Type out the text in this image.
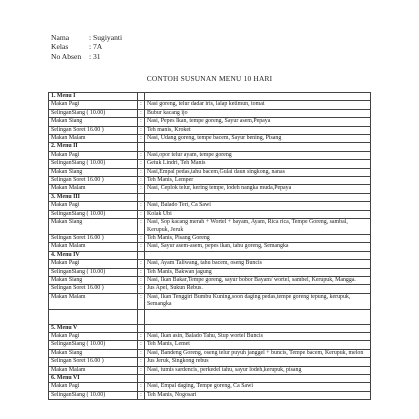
Nama	: Sugiyanti
Kelas	: 7A
No Absen	: 31
CONTOH SUSUNAN MENU 10 HARI
1. Menu I		
Makan Pagi	:	Nasi goreng, telur dadar iris, lalap ketimun, tomat
SelinganSiang ( 10.00)	:	Bubur kacang ijo
Makan Siang	:	Nasi, Pepes Ikan, tempe goreng, Sayur asem,Pepaya
Selingan Soret 16.00 )	:	Teh manis, Kroket
Makan Malam	:	Nasi, Udang goreng, tempe bacem, Sayur bening, Pisang
2. Menu II		
Makan Pagi	:	Nasi,opor telur ayam, tempe goreng
SelinganSiang ( 10.00)	:	Getuk Lindri, Teh Manis
Makan Siang	:	Nasi,Empal pedas,tahu bacem,Gulai daun singkong, nanas
Selingan Soret 16.00 )	:	Teh Manis, Lemper
Makan Malam	:	Nasi, Ceplok telur, kering tempe, lodeh nangka muda,Pepaya
3. Menu III		
Makan Pagi	:	Nasi, Balado Teri, Ca Sawi
SelinganSiang ( 10.00)	:	Kolak Ubi
Makan Siang	:	Nasi, Sop kacang merah + Wortel + bayam, Ayam, Rica rica, Tempe Goreng, sambal, Kerupuk, Jeruk
Selingan Soret 16.00 )	:	Teh Manis, Pisang Goreng
Makan Malam	:	Nasi, Sayur asem-asem, pepes ikan, tahu goreng, Semangka
4. Menu IV		
Makan Pagi	:	Nasi, Ayam Taliwang, tahu bacem, oseng Buncis
SelinganSiang ( 10.00)	:	Teh Manis, Bakwan jagung
Makan Siang	:	Nasi, Ikan Bakar,Tempe goreng, sayur bobor Bayam/ wortel, sambel, Kerupuk, Mangga.
Selingan Soret 16.00 )	:	Jus Apel, Sukun Rebus.
Makan Malam	:	Nasi, Ikan Tenggiri Bumbu Kuning,soon daging pedas,tempe goreng tepung, kerupuk, Semangka

5. Menu V		
Makan Pagi	:	Nasi, Ikan asin, Balado Tahu, Stup wortel Buncis
SelinganSiang ( 10.00)	:	Teh Manis, Lemet
Makan Siang	:	Nasi, Bandeng Goreng, oseng telur puyuh janggel + buncis, Tempe bacem, Kerupuk, melon
Selingan Soret 16.00 )	:	Jus Jeruk, Singkong rebus
Makan Malam	:	Nasi, tumis sardencis, perkedel tahu, sayur lodeh,kerupuk, pisang
6. Menu VI		
Makan Pagi	:	Nasi, Empal daging, Tempe goreng, Ca Sawi
SelinganSiang ( 10.00)	:	Teh Manis, Nogosari
